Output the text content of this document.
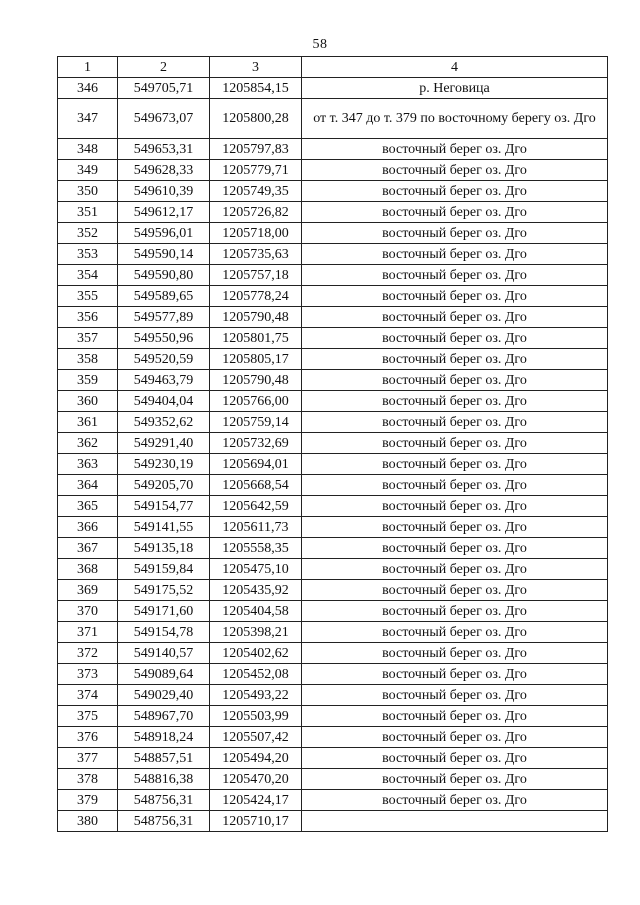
58
1	2	3	4
346	549705,71	1205854,15	р. Неговица
347	549673,07	1205800,28	от т. 347 до т. 379 по восточному берегу оз. Дго
348	549653,31	1205797,83	восточный берег оз. Дго
349	549628,33	1205779,71	восточный берег оз. Дго
350	549610,39	1205749,35	восточный берег оз. Дго
351	549612,17	1205726,82	восточный берег оз. Дго
352	549596,01	1205718,00	восточный берег оз. Дго
353	549590,14	1205735,63	восточный берег оз. Дго
354	549590,80	1205757,18	восточный берег оз. Дго
355	549589,65	1205778,24	восточный берег оз. Дго
356	549577,89	1205790,48	восточный берег оз. Дго
357	549550,96	1205801,75	восточный берег оз. Дго
358	549520,59	1205805,17	восточный берег оз. Дго
359	549463,79	1205790,48	восточный берег оз. Дго
360	549404,04	1205766,00	восточный берег оз. Дго
361	549352,62	1205759,14	восточный берег оз. Дго
362	549291,40	1205732,69	восточный берег оз. Дго
363	549230,19	1205694,01	восточный берег оз. Дго
364	549205,70	1205668,54	восточный берег оз. Дго
365	549154,77	1205642,59	восточный берег оз. Дго
366	549141,55	1205611,73	восточный берег оз. Дго
367	549135,18	1205558,35	восточный берег оз. Дго
368	549159,84	1205475,10	восточный берег оз. Дго
369	549175,52	1205435,92	восточный берег оз. Дго
370	549171,60	1205404,58	восточный берег оз. Дго
371	549154,78	1205398,21	восточный берег оз. Дго
372	549140,57	1205402,62	восточный берег оз. Дго
373	549089,64	1205452,08	восточный берег оз. Дго
374	549029,40	1205493,22	восточный берег оз. Дго
375	548967,70	1205503,99	восточный берег оз. Дго
376	548918,24	1205507,42	восточный берег оз. Дго
377	548857,51	1205494,20	восточный берег оз. Дго
378	548816,38	1205470,20	восточный берег оз. Дго
379	548756,31	1205424,17	восточный берег оз. Дго
380	548756,31	1205710,17	
